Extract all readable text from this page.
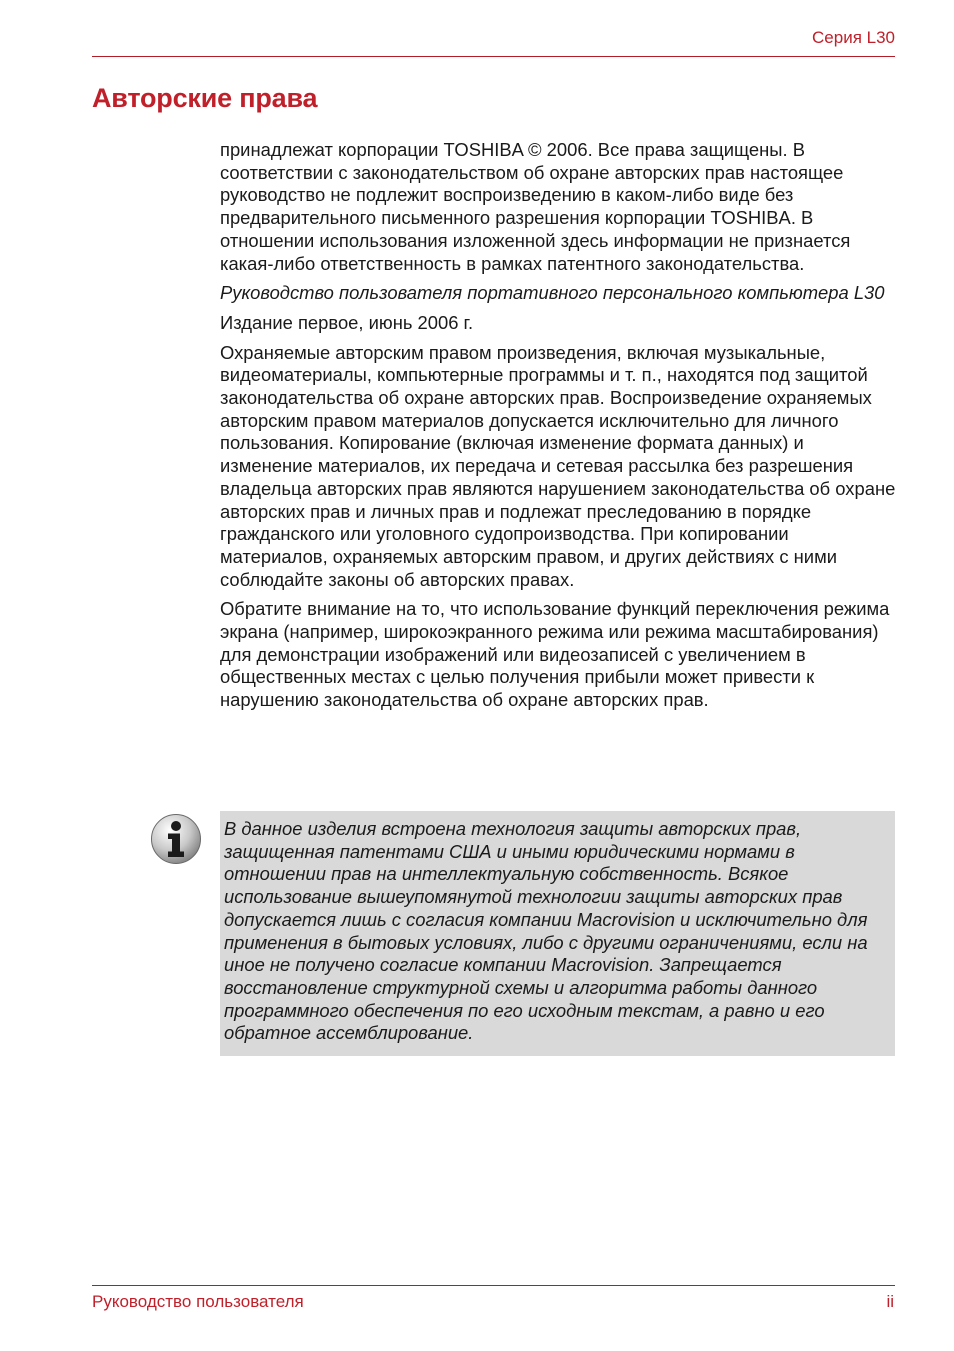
Серия L30
Авторские права

принадлежат корпорации TOSHIBA © 2006. Все права защищены. В соответствии с законодательством об охране авторских прав настоящее руководство не подлежит воспроизведению в каком-либо виде без предварительного письменного разрешения корпорации TOSHIBA. В отношении использования изложенной здесь информации не признается какая-либо ответственность в рамках патентного законодательства.

Руководство пользователя портативного персонального компьютера L30

Издание первое, июнь 2006 г.

Охраняемые авторским правом произведения, включая музыкальные, видеоматериалы, компьютерные программы и т. п., находятся под защитой законодательства об охране авторских прав. Воспроизведение охраняемых авторским правом материалов допускается исключительно для личного пользования. Копирование (включая изменение формата данных) и изменение материалов, их передача и сетевая рассылка без разрешения владельца авторских прав являются нарушением законодательства об охране авторских прав и личных прав и подлежат преследованию в порядке гражданского или уголовного судопроизводства. При копировании материалов, охраняемых авторским правом, и других действиях с ними соблюдайте законы об авторских правах.

Обратите внимание на то, что использование функций переключения режима экрана (например, широкоэкранного режима или режима масштабирования) для демонстрации изображений или видеозаписей с увеличением в общественных местах с целью получения прибыли может привести к нарушению законодательства об охране авторских прав.

В данное изделия встроена технология защиты авторских прав, защищенная патентами США и иными юридическими нормами в отношении прав на интеллектуальную собственность. Всякое использование вышеупомянутой технологии защиты авторских прав допускается лишь с согласия компании Macrovision и исключительно для применения в бытовых условиях, либо с другими ограничениями, если на иное не получено согласие компании Macrovision. Запрещается восстановление структурной схемы и алгоритма работы данного программного обеспечения по его исходным текстам, а равно и его обратное ассемблирование.
Руководство пользователя	ii
